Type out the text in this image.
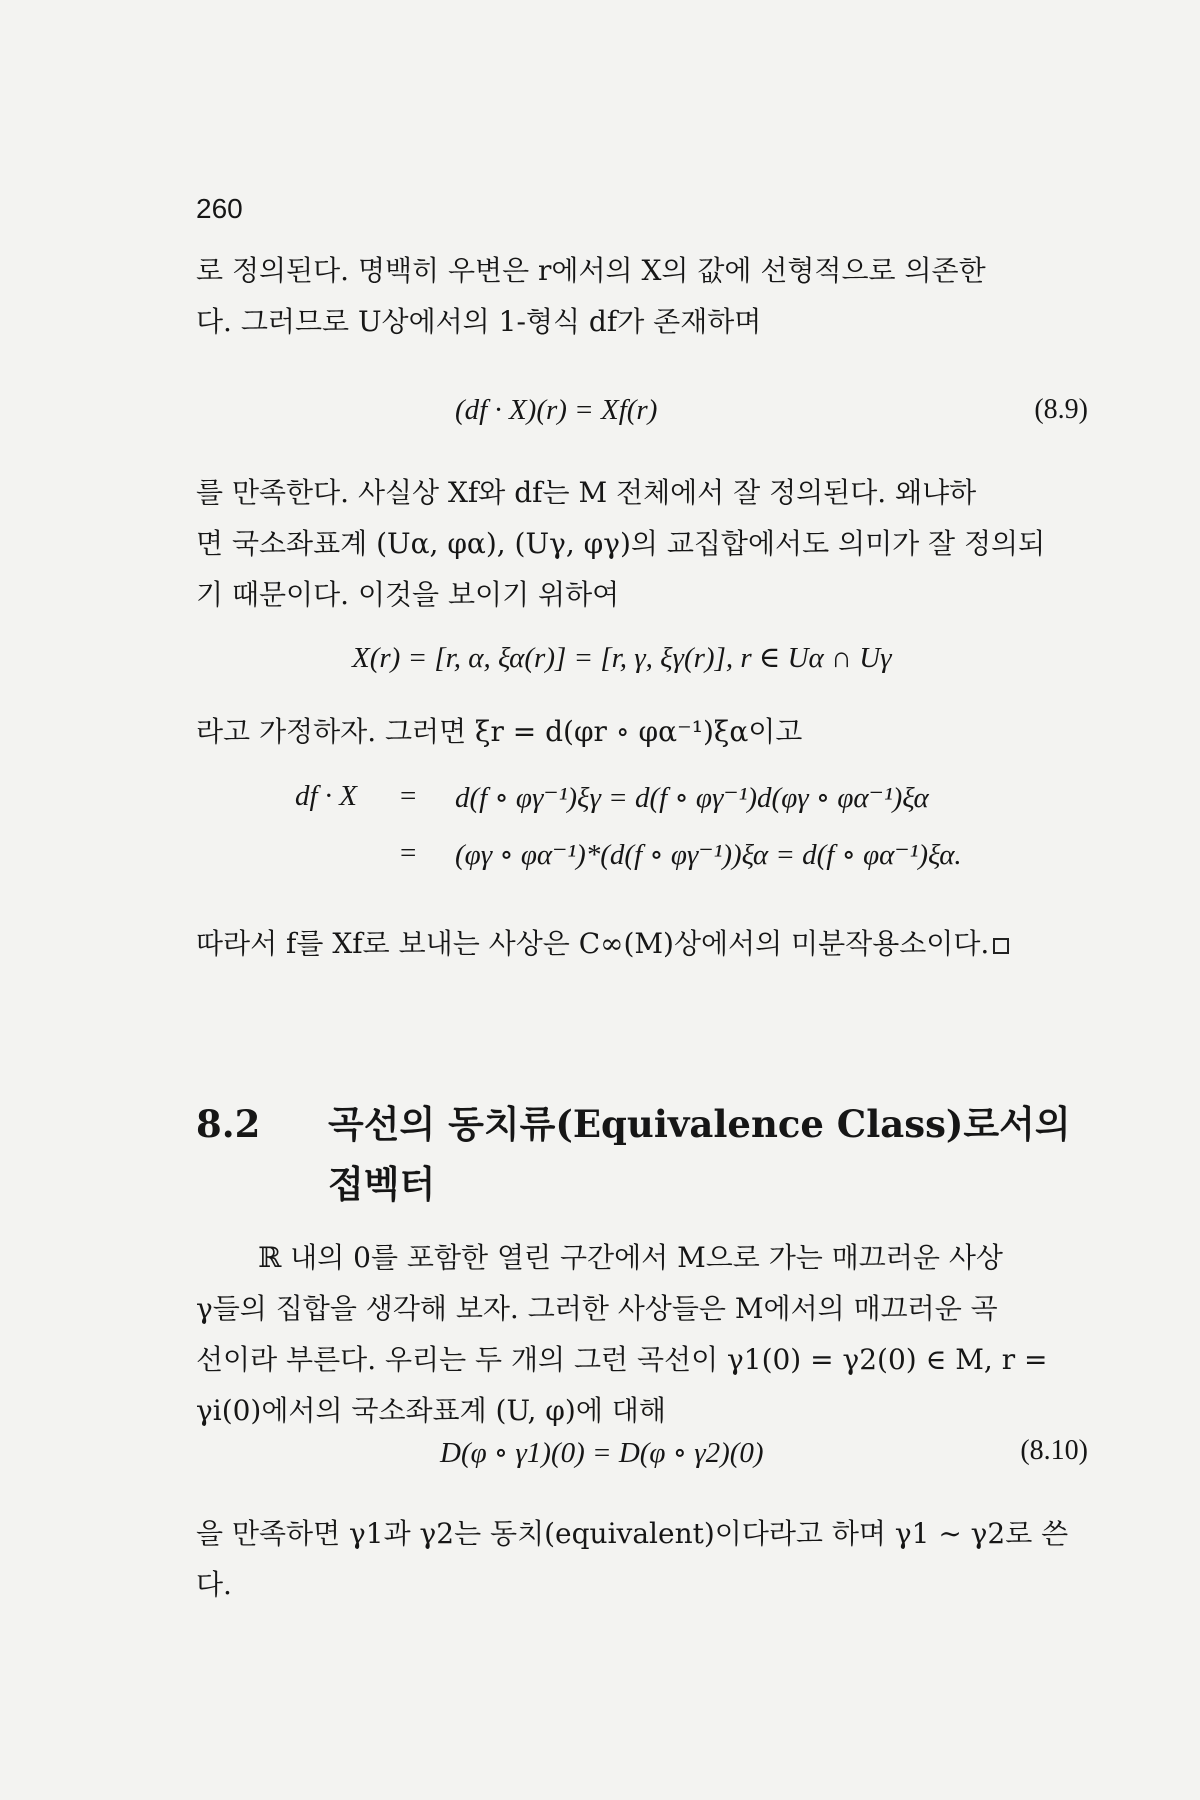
260
로 정의된다. 명백히 우변은 r에서의 X의 값에 선형적으로 의존한
다. 그러므로 U상에서의 1-형식 df가 존재하며
(df · X)(r) = Xf(r)	(8.9)
를 만족한다. 사실상 Xf와 df는 M 전체에서 잘 정의된다. 왜냐하
면 국소좌표계 (Uα, φα), (Uγ, φγ)의 교집합에서도 의미가 잘 정의되
기 때문이다. 이것을 보이기 위하여
X(r) = [r, α, ξα(r)] = [r, γ, ξγ(r)], r ∈ Uα ∩ Uγ
라고 가정하자. 그러면 ξr = d(φr ∘ φα⁻¹)ξα이고
df · X = d(f ∘ φγ⁻¹)ξγ = d(f ∘ φγ⁻¹)d(φγ ∘ φα⁻¹)ξα
= (φγ ∘ φα⁻¹)*(d(f ∘ φγ⁻¹))ξα = d(f ∘ φα⁻¹)ξα.
따라서 f를 Xf로 보내는 사상은 C∞(M)상에서의 미분작용소이다.
8.2 곡선의 동치류(Equivalence Class)로서의 접벡터
ℝ 내의 0를 포함한 열린 구간에서 M으로 가는 매끄러운 사상
γ들의 집합을 생각해 보자. 그러한 사상들은 M에서의 매끄러운 곡
선이라 부른다. 우리는 두 개의 그런 곡선이 γ1(0) = γ2(0) ∈ M, r =
γi(0)에서의 국소좌표계 (U, φ)에 대해
D(φ ∘ γ1)(0) = D(φ ∘ γ2)(0)	(8.10)
을 만족하면 γ1과 γ2는 동치(equivalent)이다라고 하며 γ1 ∼ γ2로 쓴
다.
